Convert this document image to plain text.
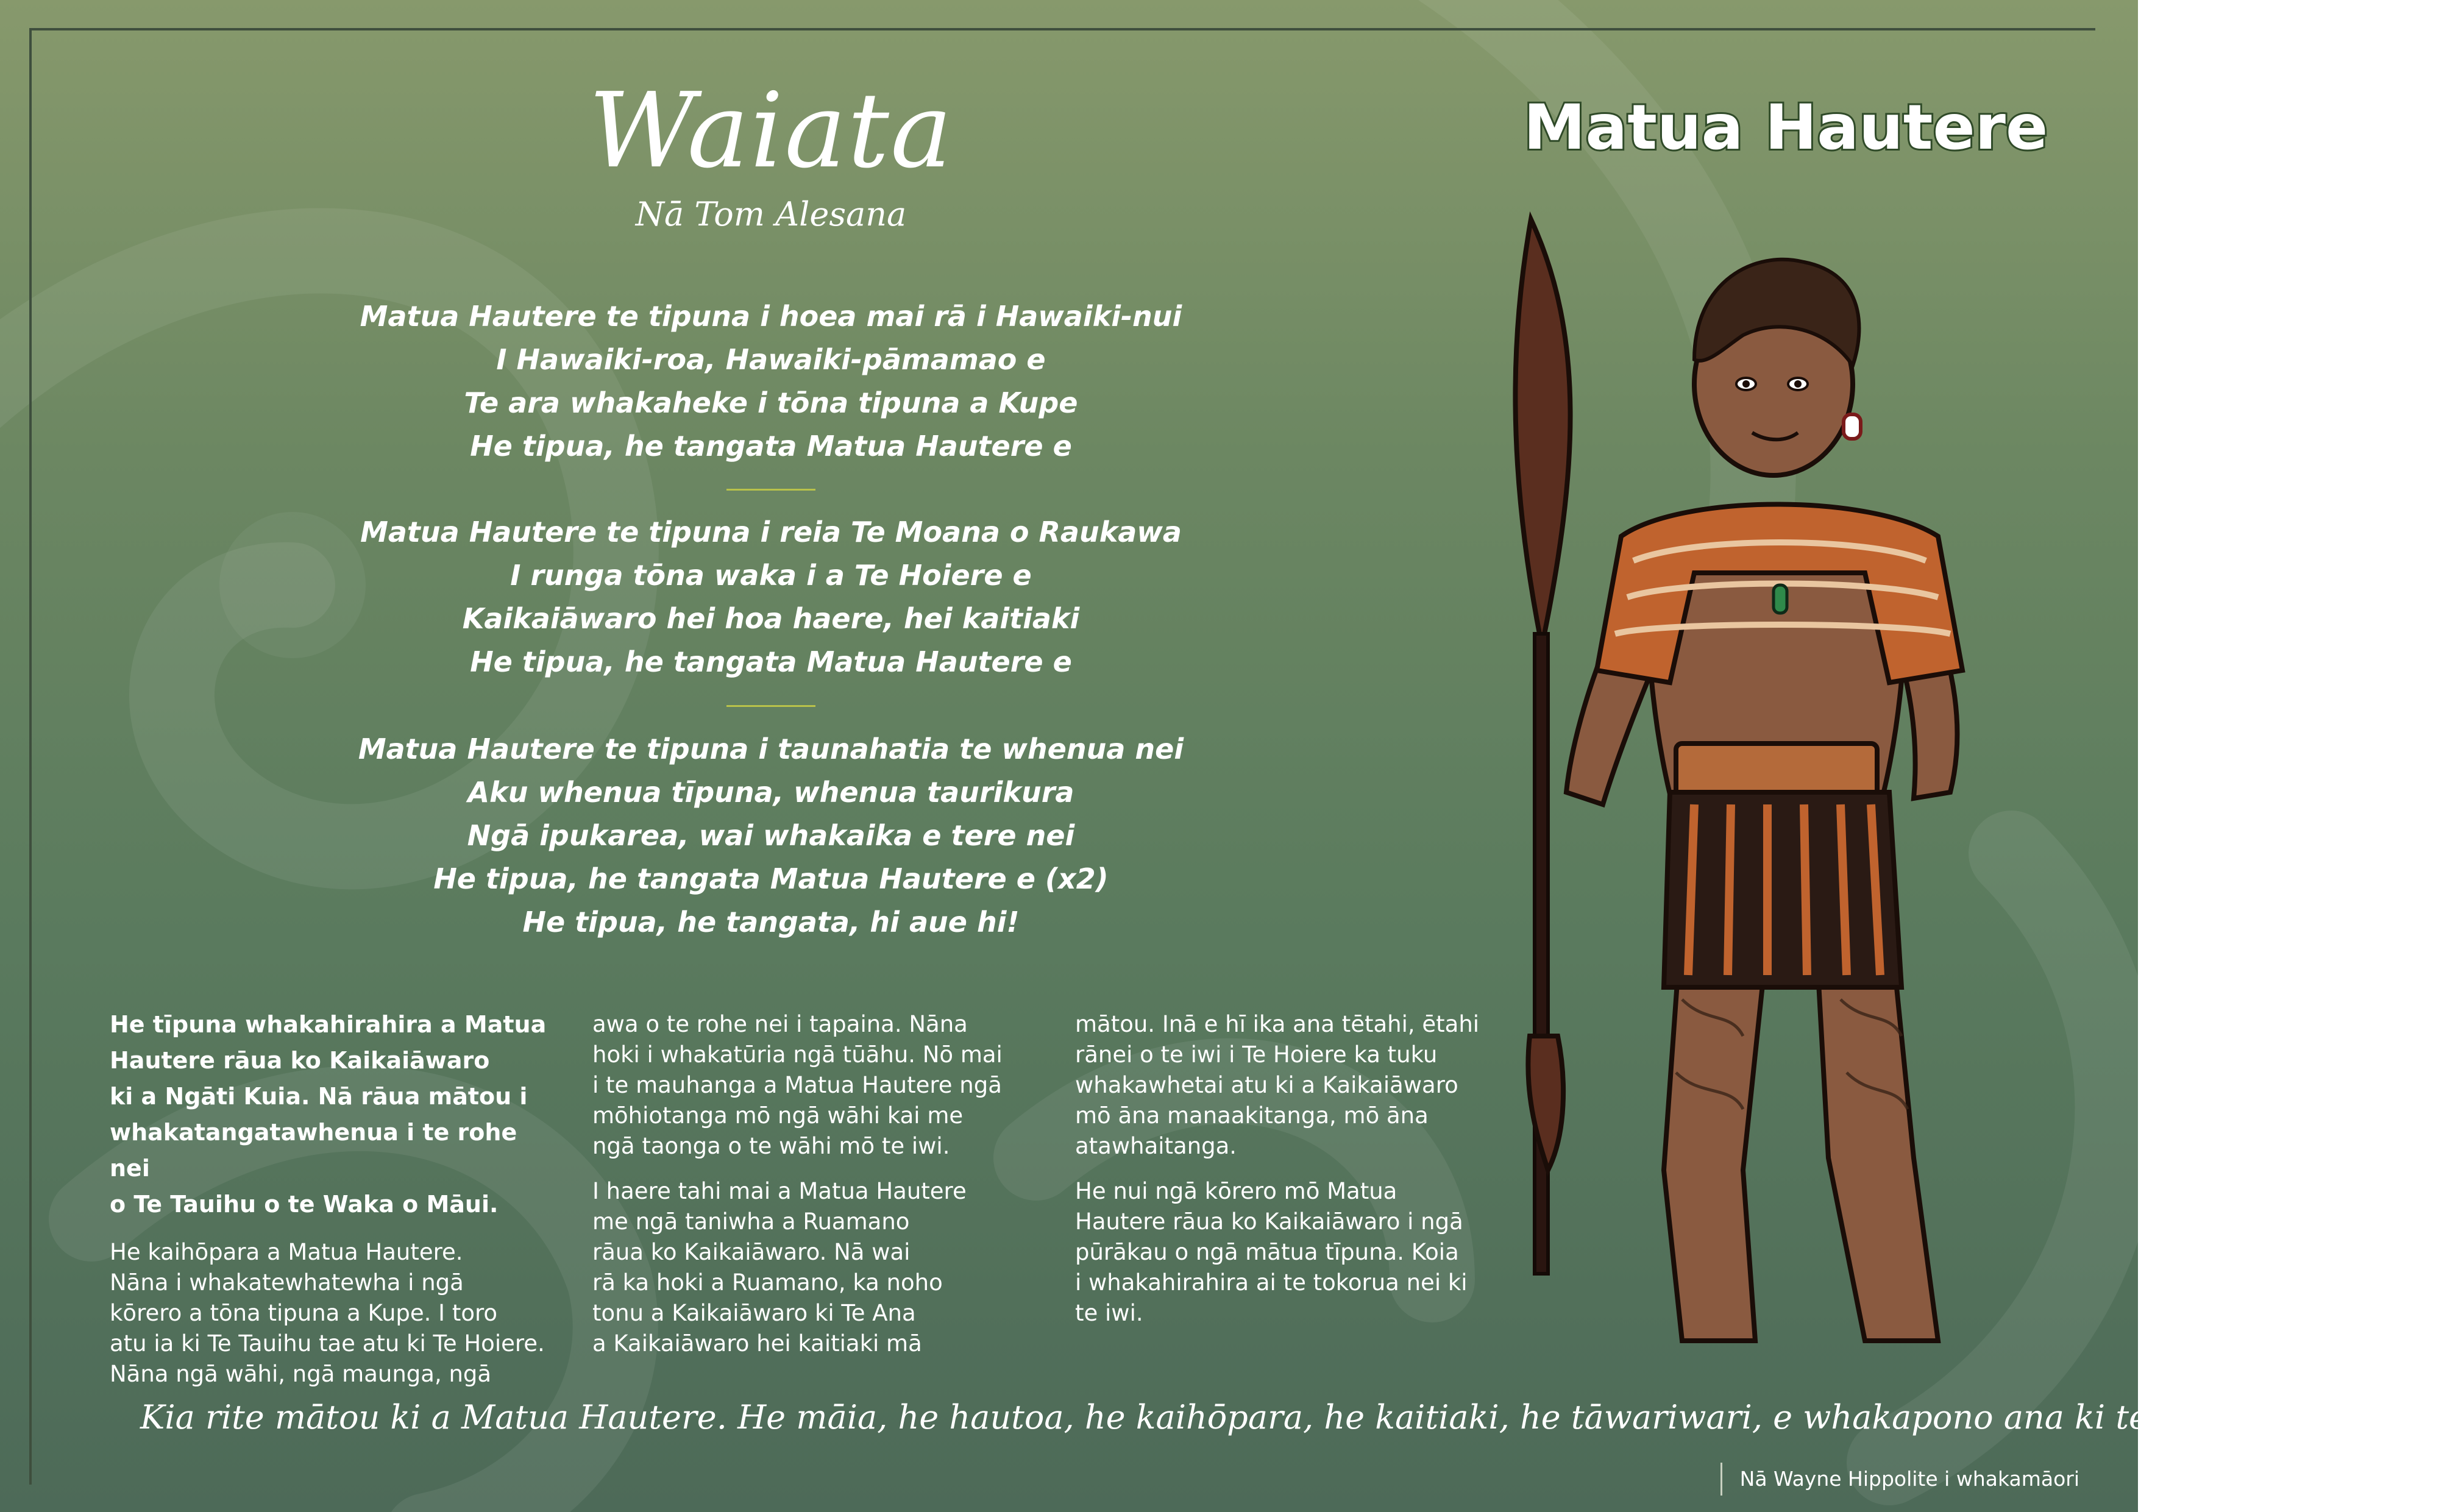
Waiata
Nā Tom Alesana
Matua Hautere
Matua Hautere te tipuna i hoea mai rā i Hawaiki-nui
I Hawaiki-roa, Hawaiki-pāmamao e
Te ara whakaheke i tōna tipuna a Kupe
He tipua, he tangata Matua Hautere e
Matua Hautere te tipuna i reia Te Moana o Raukawa
I runga tōna waka i a Te Hoiere e
Kaikaiāwaro hei hoa haere, hei kaitiaki
He tipua, he tangata Matua Hautere e
Matua Hautere te tipuna i taunahatia te whenua nei
Aku whenua tīpuna, whenua taurikura
Ngā ipukarea, wai whakaika e tere nei
He tipua, he tangata Matua Hautere e (x2)
He tipua, he tangata, hi aue hi!

He tīpuna whakahirahira a Matua
Hautere rāua ko Kaikaiāwaro
ki a Ngāti Kuia. Nā rāua mātou i
whakatangatawhenua i te rohe nei
o Te Tauihu o te Waka o Māui.

He kaihōpara a Matua Hautere.
Nāna i whakatewhatewha i ngā
kōrero a tōna tipuna a Kupe. I toro
atu ia ki Te Tauihu tae atu ki Te Hoiere.
Nāna ngā wāhi, ngā maunga, ngā

awa o te rohe nei i tapaina. Nāna
hoki i whakatūria ngā tūāhu. Nō mai
i te mauhanga a Matua Hautere ngā
mōhiotanga mō ngā wāhi kai me
ngā taonga o te wāhi mō te iwi.

I haere tahi mai a Matua Hautere
me ngā taniwha a Ruamano
rāua ko Kaikaiāwaro. Nā wai
rā ka hoki a Ruamano, ka noho
tonu a Kaikaiāwaro ki Te Ana
a Kaikaiāwaro hei kaitiaki mā

mātou. Inā e hī ika ana tētahi, ētahi
rānei o te iwi i Te Hoiere ka tuku
whakawhetai atu ki a Kaikaiāwaro
mō āna manaakitanga, mō āna
atawhaitanga.

He nui ngā kōrero mō Matua
Hautere rāua ko Kaikaiāwaro i ngā
pūrākau o ngā mātua tīpuna. Koia
i whakahirahira ai te tokorua nei ki
te iwi.

Kia rite mātou ki a Matua Hautere. He māia, he hautoa, he kaihōpara, he kaitiaki, he tāwariwari, e whakapono ana ki te ahurea o tana iwi
Nā Wayne Hippolite i whakamāori
